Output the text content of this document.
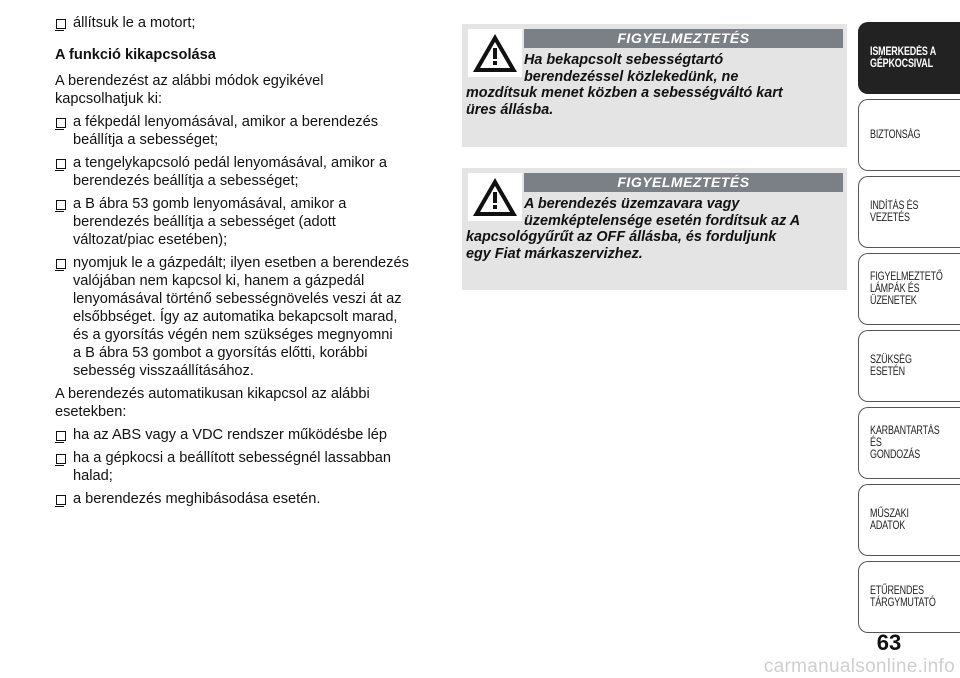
állítsuk le a motort;
A funkció kikapcsolása
A berendezést az alábbi módok egyikével
kapcsolhatjuk ki:
a fékpedál lenyomásával, amikor a berendezés
beállítja a sebességet;
a tengelykapcsoló pedál lenyomásával, amikor a
berendezés beállítja a sebességet;
a B ábra 53 gomb lenyomásával, amikor a
berendezés beállítja a sebességet (adott
változat/piac esetében);
nyomjuk le a gázpedált; ilyen esetben a berendezés
valójában nem kapcsol ki, hanem a gázpedál
lenyomásával történő sebességnövelés veszi át az
elsőbbséget. Így az automatika bekapcsolt marad,
és a gyorsítás végén nem szükséges megnyomni
a B ábra 53 gombot a gyorsítás előtti, korábbi
sebesség visszaállításához.
A berendezés automatikusan kikapcsol az alábbi
esetekben:
ha az ABS vagy a VDC rendszer működésbe lép
ha a gépkocsi a beállított sebességnél lassabban
halad;
a berendezés meghibásodása esetén.
FIGYELMEZTETÉS
Ha bekapcsolt sebességtartó
berendezéssel közlekedünk, ne
mozdítsuk menet közben a sebességváltó kart
üres állásba.
FIGYELMEZTETÉS
A berendezés üzemzavara vagy
üzemképtelensége esetén fordítsuk az A
kapcsológyűrűt az OFF állásba, és forduljunk
egy Fiat márkaszervizhez.
ISMERKEDÉS A
GÉPKOCSIVAL
BIZTONSÁG
INDÍTÁS ÉS VEZETÉS
FIGYELMEZTETŐ
LÁMPÁK ÉS
ÜZENETEK
SZÜKSÉG ESETÉN
KARBANTARTÁS ÉS
GONDOZÁS
MŰSZAKI ADATOK
ETŰRENDES
TÁRGYMUTATÓ
63
carmanualsonline.info
